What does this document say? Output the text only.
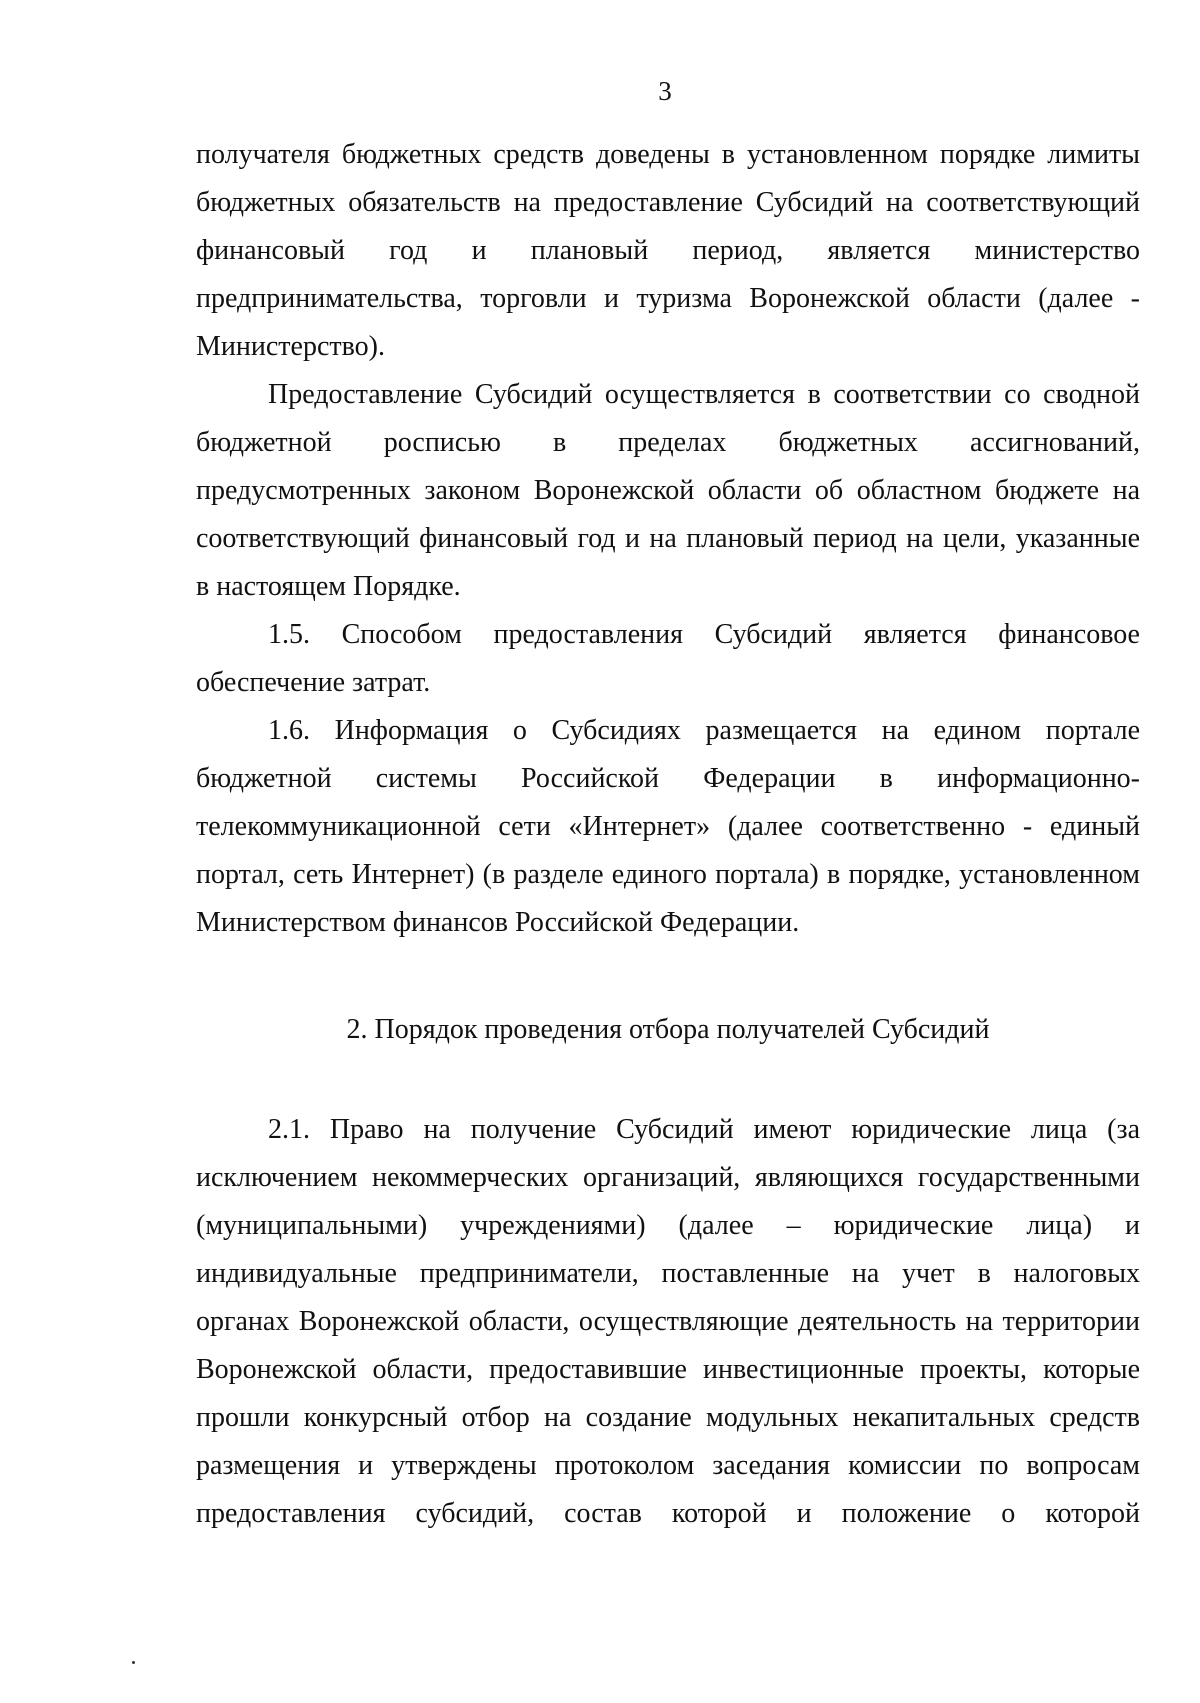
3
получателя бюджетных средств доведены в установленном порядке лимиты
бюджетных обязательств на предоставление Субсидий на соответствующий
финансовый год и плановый период, является министерство
предпринимательства, торговли и туризма Воронежской области (далее -
Министерство).
Предоставление Субсидий осуществляется в соответствии со сводной
бюджетной росписью в пределах бюджетных ассигнований,
предусмотренных законом Воронежской области об областном бюджете на
соответствующий финансовый год и на плановый период на цели, указанные
в настоящем Порядке.
1.5. Способом предоставления Субсидий является финансовое
обеспечение затрат.
1.6. Информация о Субсидиях размещается на едином портале
бюджетной системы Российской Федерации в информационно-
телекоммуникационной сети «Интернет» (далее соответственно - единый
портал, сеть Интернет) (в разделе единого портала) в порядке, установленном
Министерством финансов Российской Федерации.
2. Порядок проведения отбора получателей Субсидий
2.1. Право на получение Субсидий имеют юридические лица (за
исключением некоммерческих организаций, являющихся государственными
(муниципальными) учреждениями) (далее – юридические лица) и
индивидуальные предприниматели, поставленные на учет в налоговых
органах Воронежской области, осуществляющие деятельность на территории
Воронежской области, предоставившие инвестиционные проекты, которые
прошли конкурсный отбор на создание модульных некапитальных средств
размещения и утверждены протоколом заседания комиссии по вопросам
предоставления субсидий, состав которой и положение о которой
